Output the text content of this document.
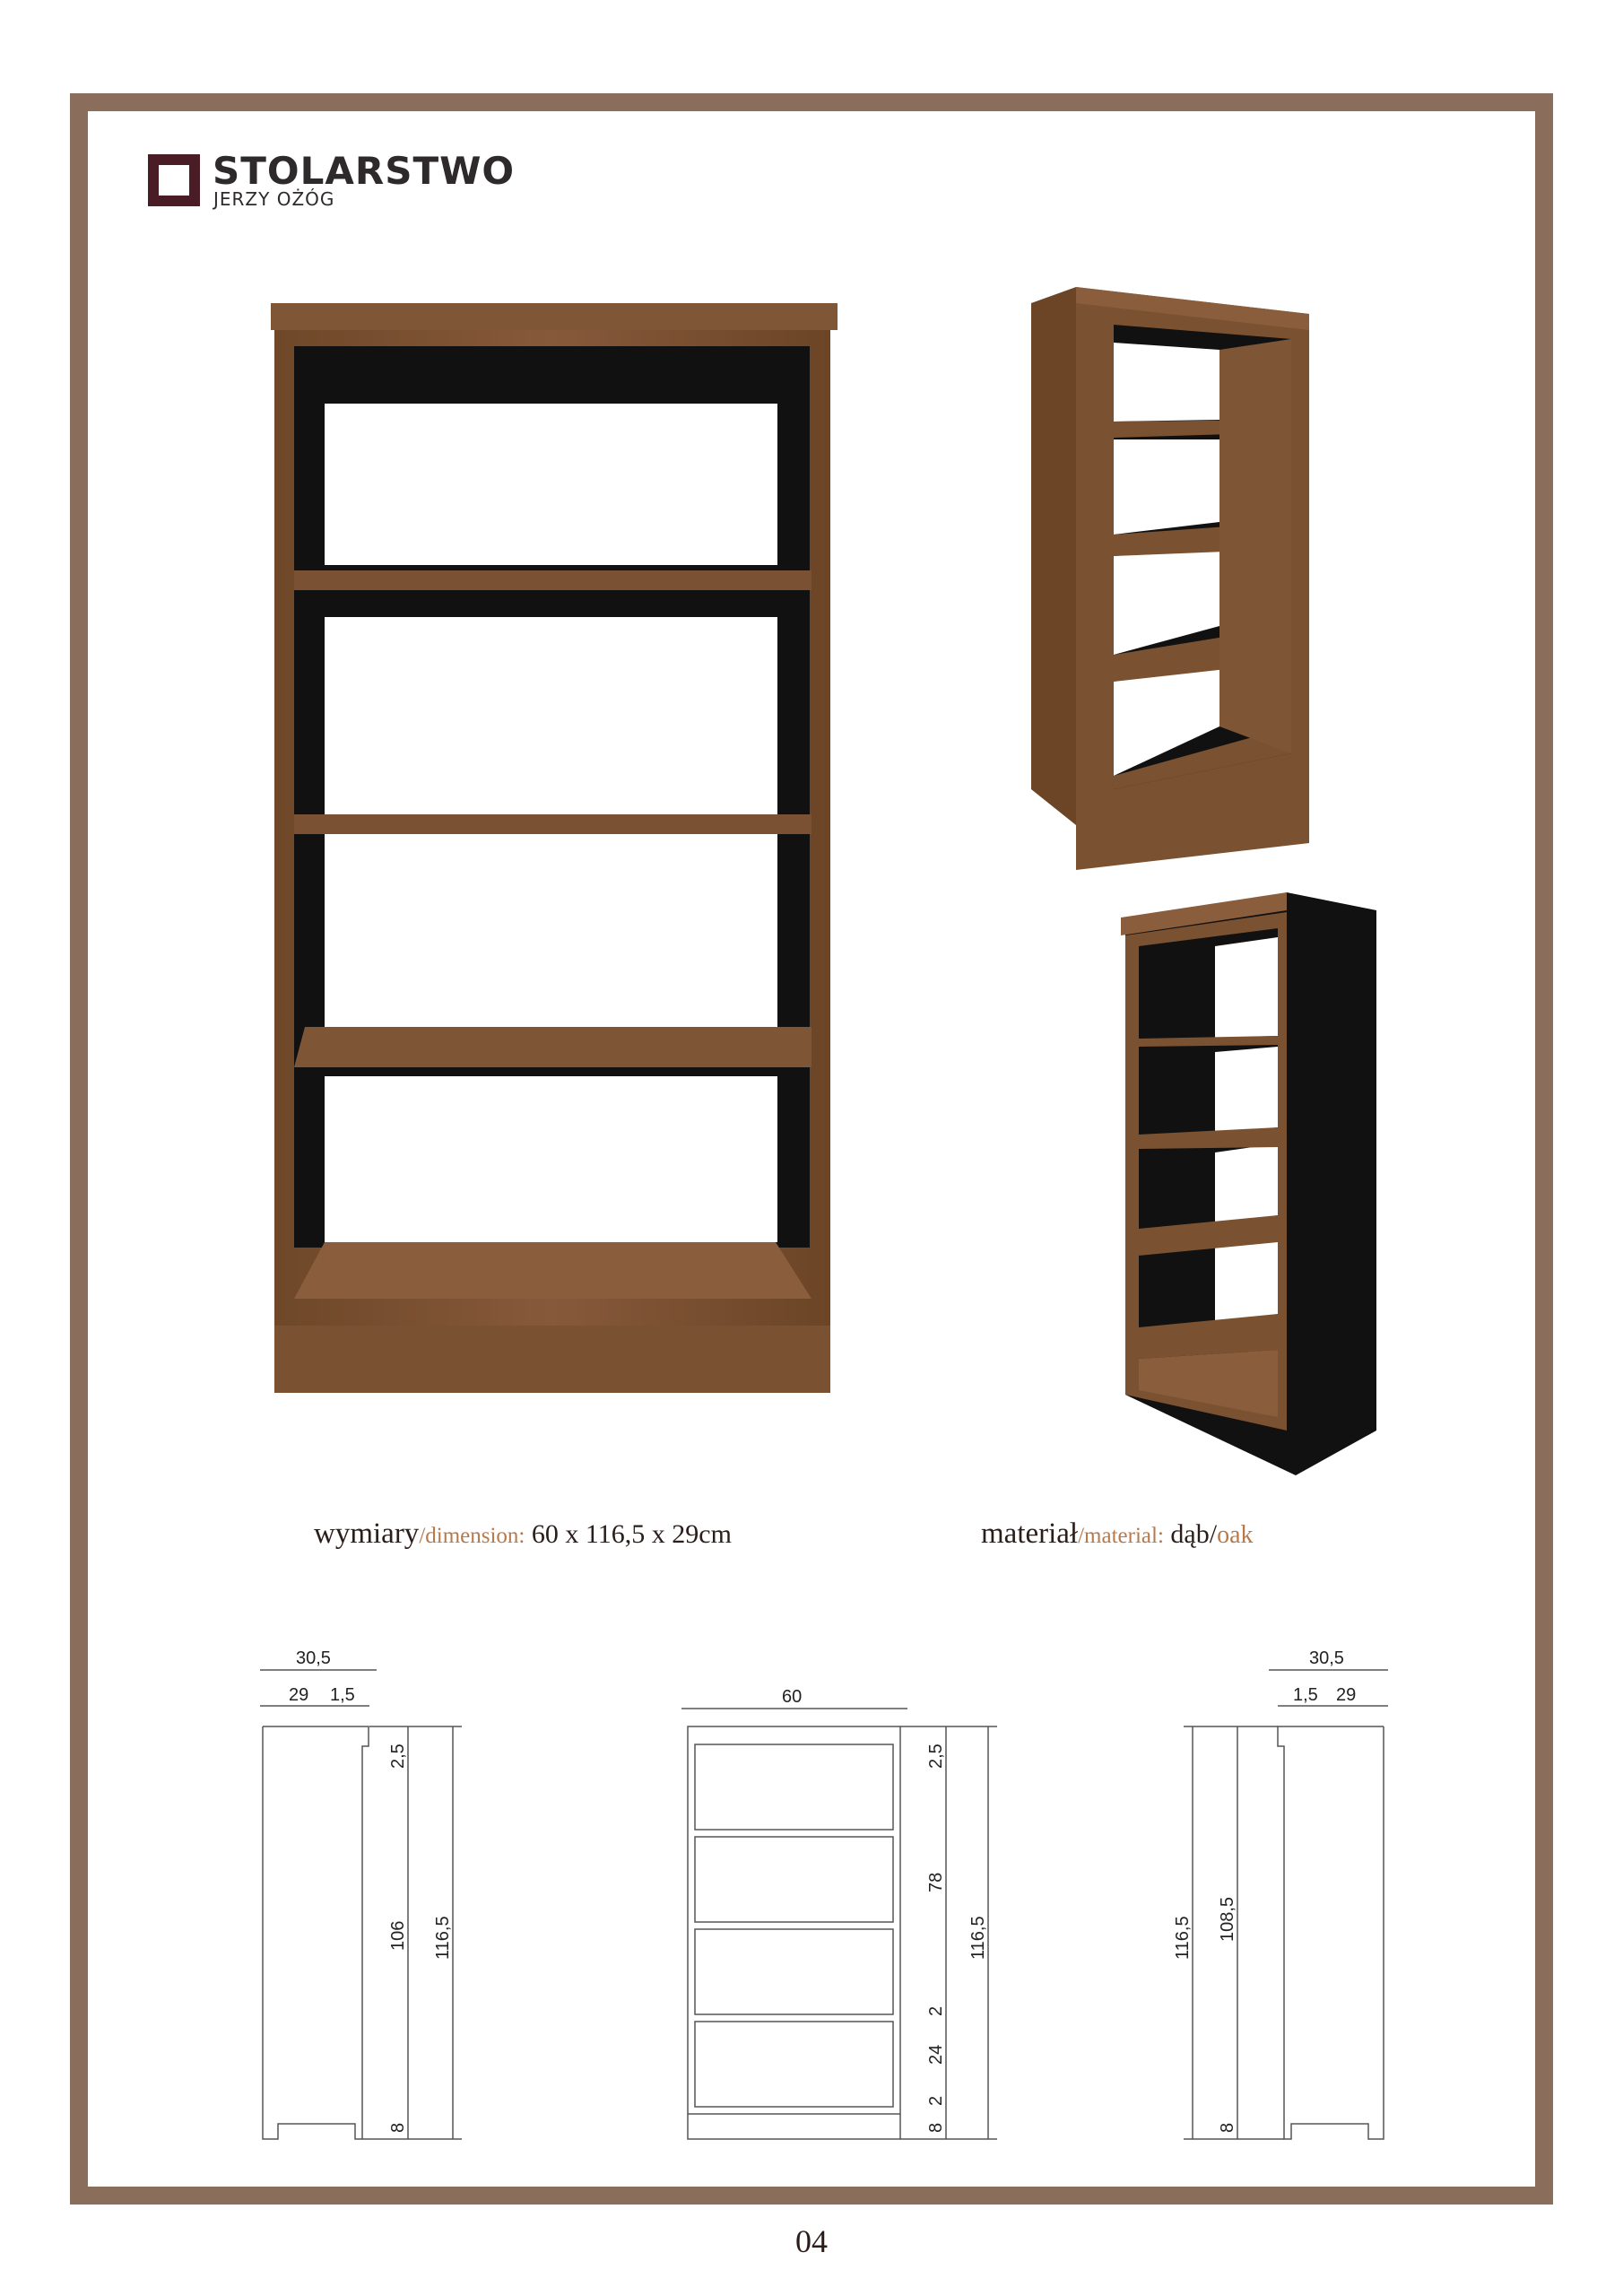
STOLARSTWO
JERZY OŻÓG
wymiary/dimension: 60 x 116,5 x 29cm	materiał/material: dąb/oak
30,5
29 1,5
2,5
106
8
116,5
60
2,5
78
2
24
2
8
116,5
30,5
1,5 29
116,5 108,5
8
04
